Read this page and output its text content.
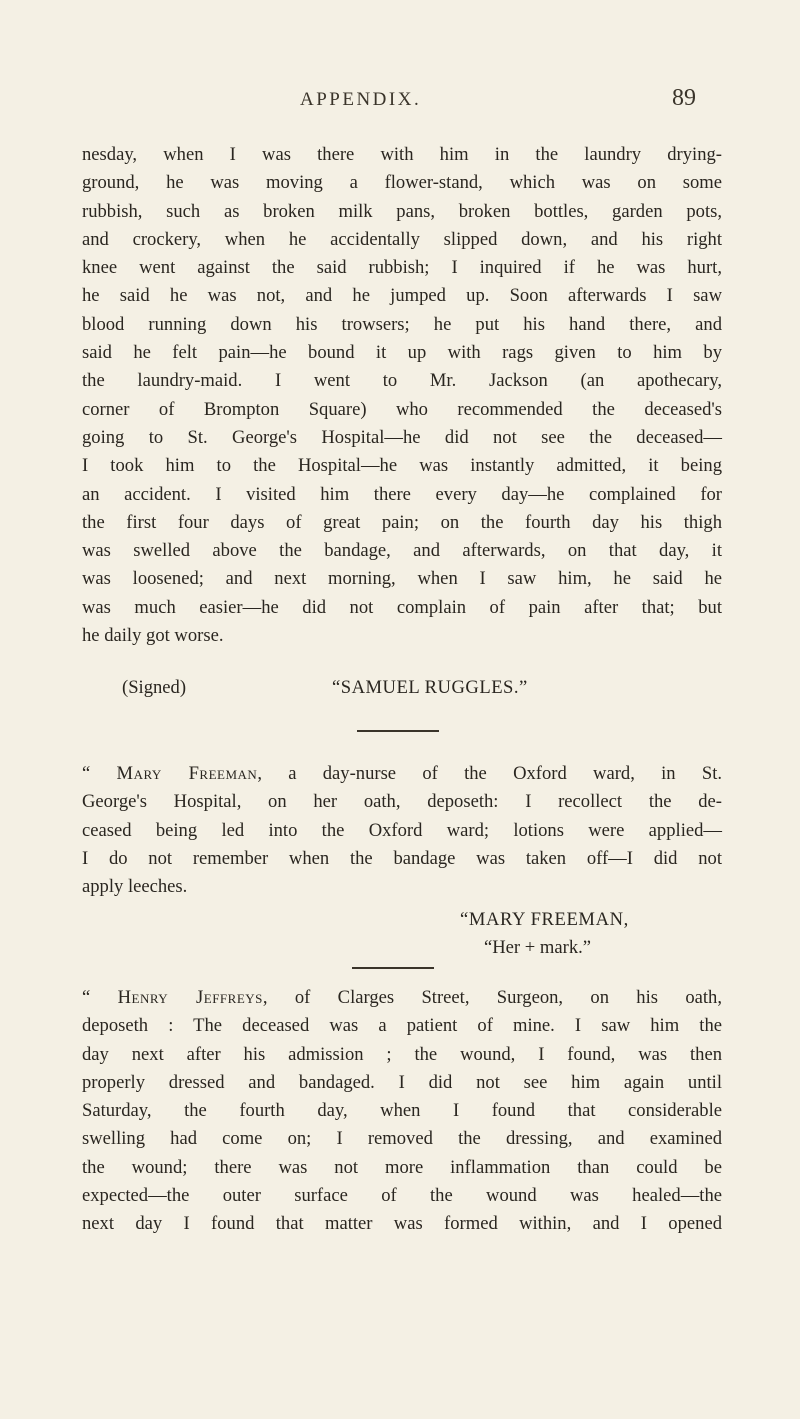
APPENDIX.	89
nesday, when I was there with him in the laundry drying-
ground, he was moving a flower-stand, which was on some
rubbish, such as broken milk pans, broken bottles, garden pots,
and crockery, when he accidentally slipped down, and his right
knee went against the said rubbish; I inquired if he was hurt,
he said he was not, and he jumped up. Soon afterwards I saw
blood running down his trowsers; he put his hand there, and
said he felt pain—he bound it up with rags given to him by
the laundry-maid. I went to Mr. Jackson (an apothecary,
corner of Brompton Square) who recommended the deceased's
going to St. George's Hospital—he did not see the deceased—
I took him to the Hospital—he was instantly admitted, it being
an accident. I visited him there every day—he complained for
the first four days of great pain; on the fourth day his thigh
was swelled above the bandage, and afterwards, on that day, it
was loosened; and next morning, when I saw him, he said he
was much easier—he did not complain of pain after that; but
he daily got worse.
(Signed)	“SAMUEL RUGGLES.”
“ Mary Freeman, a day-nurse of the Oxford ward, in St.
George's Hospital, on her oath, deposeth: I recollect the de-
ceased being led into the Oxford ward; lotions were applied—
I do not remember when the bandage was taken off—I did not
apply leeches.
“MARY FREEMAN,
“Her + mark.”
“ Henry Jeffreys, of Clarges Street, Surgeon, on his oath,
deposeth : The deceased was a patient of mine. I saw him the
day next after his admission ; the wound, I found, was then
properly dressed and bandaged. I did not see him again until
Saturday, the fourth day, when I found that considerable
swelling had come on; I removed the dressing, and examined
the wound; there was not more inflammation than could be
expected—the outer surface of the wound was healed—the
next day I found that matter was formed within, and I opened
